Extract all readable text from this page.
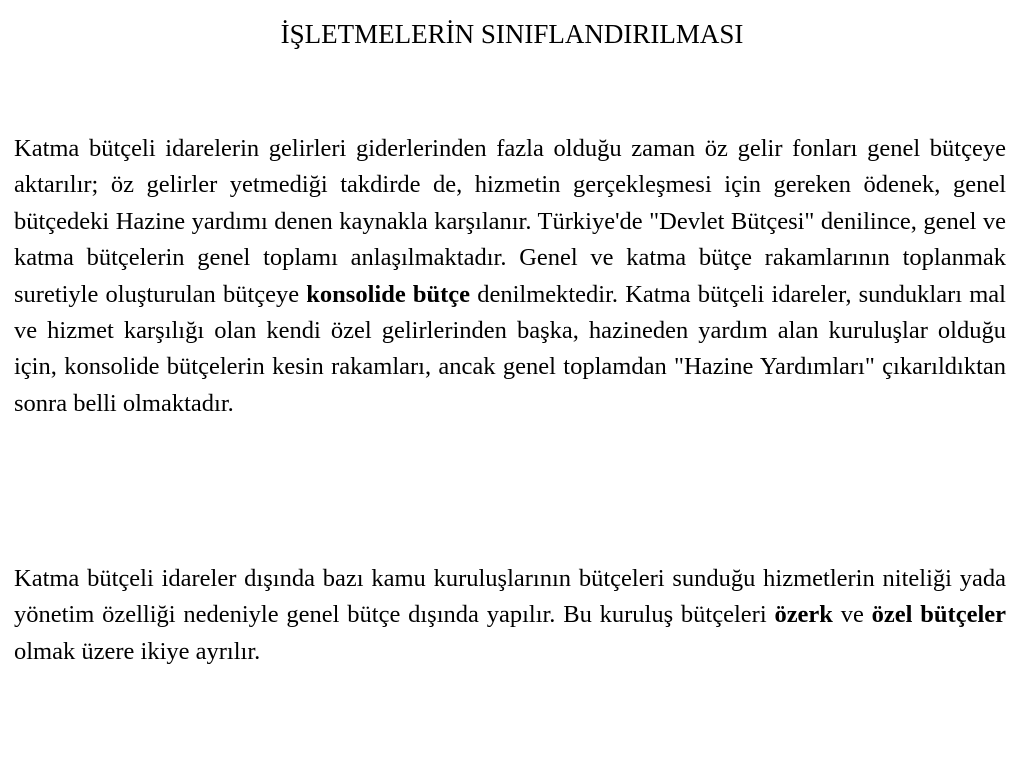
İŞLETMELERİN SINIFLANDIRILMASI

Katma bütçeli idarelerin gelirleri giderlerinden fazla olduğu zaman öz gelir fonları genel bütçeye aktarılır; öz gelirler yetmediği takdirde de, hizmetin gerçekleşmesi için gereken ödenek, genel bütçedeki Hazine yardımı denen kaynakla karşılanır. Türkiye'de "Devlet Bütçesi" denilince, genel ve katma bütçelerin genel toplamı anlaşılmaktadır. Genel ve katma bütçe rakamlarının toplanmak suretiyle oluşturulan bütçeye konsolide bütçe denilmektedir. Katma bütçeli idareler, sundukları mal ve hizmet karşılığı olan kendi özel gelirlerinden başka, hazineden yardım alan kuruluşlar olduğu için, konsolide bütçelerin kesin rakamları, ancak genel toplamdan "Hazine Yardımları" çıkarıldıktan sonra belli olmaktadır.

Katma bütçeli idareler dışında bazı kamu kuruluşlarının bütçeleri sunduğu hizmetlerin niteliği yada yönetim özelliği nedeniyle genel bütçe dışında yapılır. Bu kuruluş bütçeleri özerk ve özel bütçeler olmak üzere ikiye ayrılır.
